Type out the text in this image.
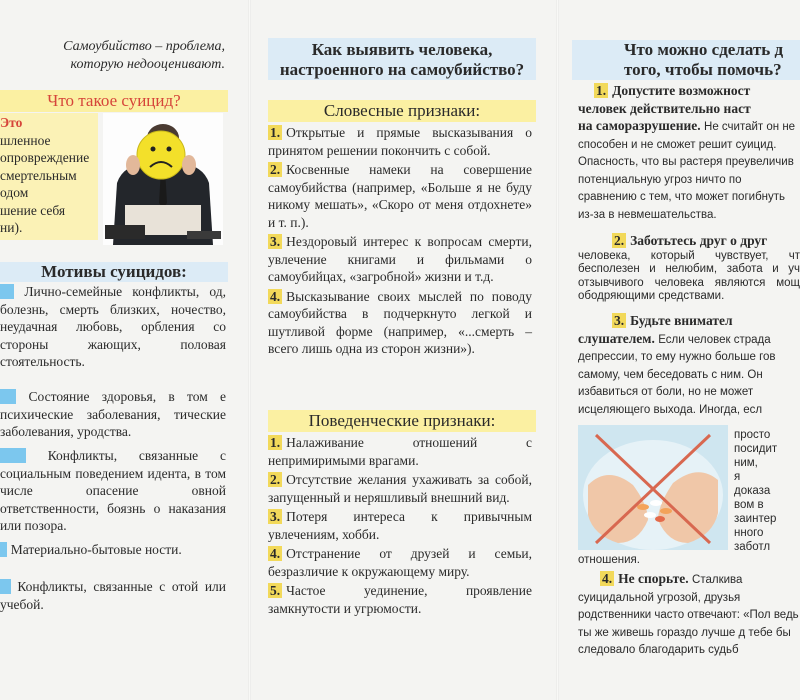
Самоубийство – проблема,
которую недооценивают.
Что такое суицид?
Это
шленное
опровреждение
смертельным
одом
шение себя
ни).
Мотивы суицидов:
Лично-семейные конфликты, од, болезнь, смерть близких, ночество, неудачная любовь, орбления со стороны жающих, половая стоятельность.
Состояние здоровья, в том е психические заболевания, тические заболевания, уродства.
Конфликты, связанные с социальным поведением идента, в том числе опасение овной ответственности, боязнь о наказания или позора.
Материально-бытовые ности.
Конфликты, связанные с отой или учебой.
Как выявить человека, настроенного на самоубийство?
Словесные признаки:
1. Открытые и прямые высказывания о принятом решении покончить с собой.
2. Косвенные намеки на совершение самоубийства (например, «Больше я не буду никому мешать», «Скоро от меня отдохнете» и т. п.).
3. Нездоровый интерес к вопросам смерти, увлечение книгами и фильмами о самоубийцах, «загробной» жизни и т.д.
4. Высказывание своих мыслей по поводу самоубийства в подчеркнуто легкой и шутливой форме (например, «...смерть – всего лишь одна из сторон жизни»).
Поведенческие признаки:
1. Налаживание отношений с непримиримыми врагами.
2. Отсутствие желания ухаживать за собой, запущенный и неряшливый внешний вид.
3. Потеря интереса к привычным увлечениям, хобби.
4. Отстранение от друзей и семьи, безразличие к окружающему миру.
5. Частое уединение, проявление замкнутости и угрюмости.
Что можно сделать д
того, чтобы помочь?
1. Допустите возможност
человек действительно наст
на саморазрушение. Не считайт он не способен и не сможет решит суицид. Опасность, что вы растеря преувеличив потенциальную угроз ничто по сравнению с тем, что может погибнуть из-за в невмешательства.
2. Заботьтесь друг о друг
человека, который чувствует, чт бесполезен и нелюбим, забота и уч отзывчивого человека являются мощ ободряющими средствами.
3. Будьте внимател
слушателем. Если человек страда депрессии, то ему нужно больше гов самому, чем беседовать с ним. Он избавиться от боли, но не может исцеляющего выхода. Иногда, есл
просто
посидит
ним,
я
доказа
вом в
заинтер
нного
заботл
отношения.
4. Не спорьте. Сталкива суицидальной угрозой, друзья родственники часто отвечают: «Пол ведь ты же живешь гораздо лучше д тебе бы следовало благодарить судьб
